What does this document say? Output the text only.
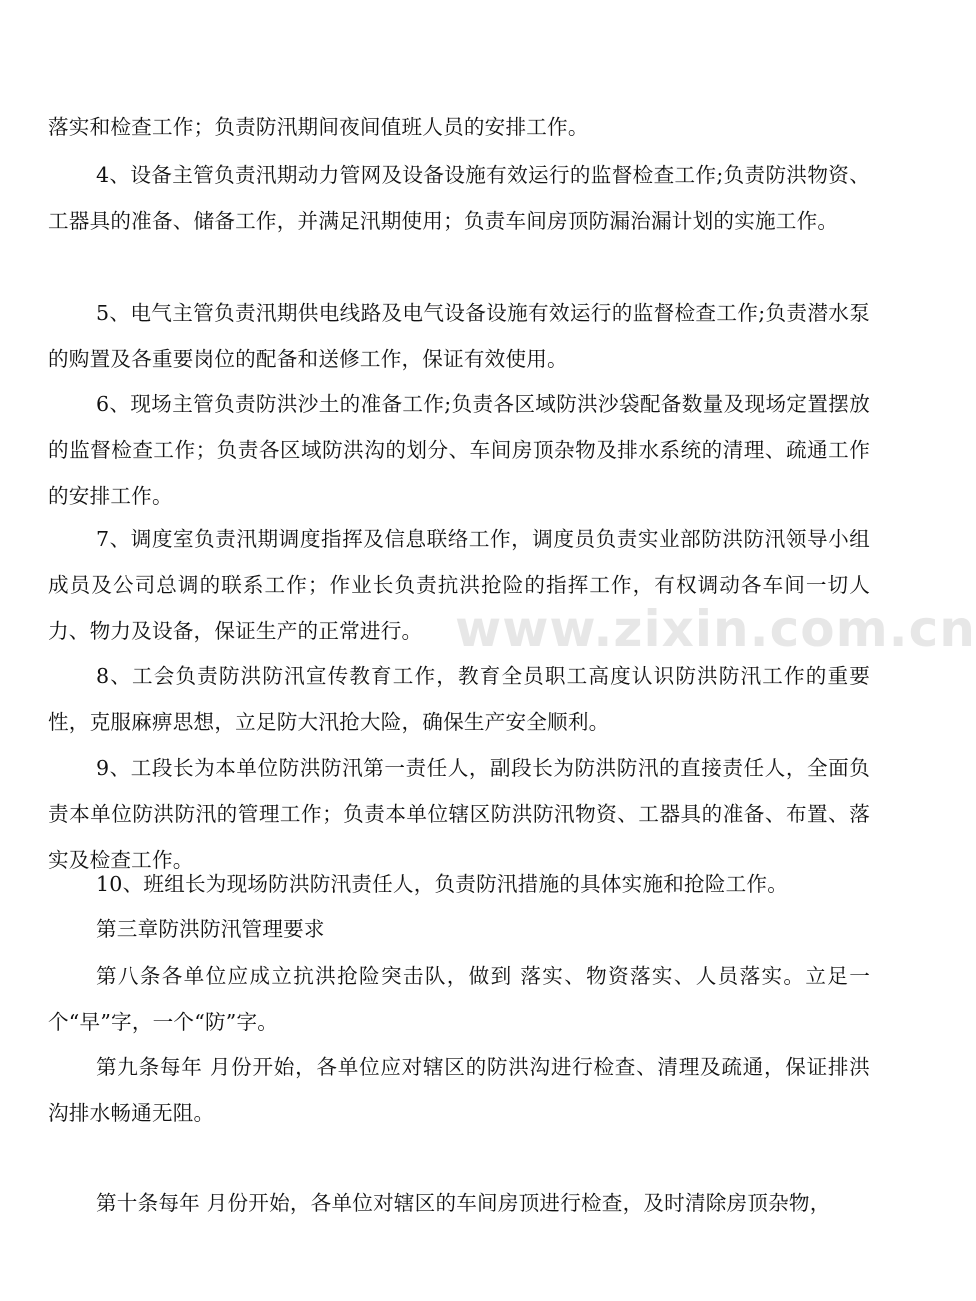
落实和检查工作；负责防汛期间夜间值班人员的安排工作。

4、设备主管负责汛期动力管网及设备设施有效运行的监督检查工作;负责防洪物资、工器具的准备、储备工作，并满足汛期使用；负责车间房顶防漏治漏计划的实施工作。

5、电气主管负责汛期供电线路及电气设备设施有效运行的监督检查工作;负责潜水泵的购置及各重要岗位的配备和送修工作，保证有效使用。

6、现场主管负责防洪沙土的准备工作;负责各区域防洪沙袋配备数量及现场定置摆放的监督检查工作；负责各区域防洪沟的划分、车间房顶杂物及排水系统的清理、疏通工作的安排工作。

7、调度室负责汛期调度指挥及信息联络工作，调度员负责实业部防洪防汛领导小组成员及公司总调的联系工作；作业长负责抗洪抢险的指挥工作，有权调动各车间一切人力、物力及设备，保证生产的正常进行。

8、工会负责防洪防汛宣传教育工作，教育全员职工高度认识防洪防汛工作的重要性，克服麻痹思想，立足防大汛抢大险，确保生产安全顺利。

9、工段长为本单位防洪防汛第一责任人，副段长为防洪防汛的直接责任人，全面负责本单位防洪防汛的管理工作；负责本单位辖区防洪防汛物资、工器具的准备、布置、落实及检查工作。

10、班组长为现场防洪防汛责任人，负责防汛措施的具体实施和抢险工作。

第三章防洪防汛管理要求

第八条各单位应成立抗洪抢险突击队，做到 落实、物资落实、人员落实。立足一个“早”字，一个“防”字。

第九条每年 月份开始，各单位应对辖区的防洪沟进行检查、清理及疏通，保证排洪沟排水畅通无阻。

第十条每年 月份开始，各单位对辖区的车间房顶进行检查，及时清除房顶杂物，

www.zixin.com.cn
